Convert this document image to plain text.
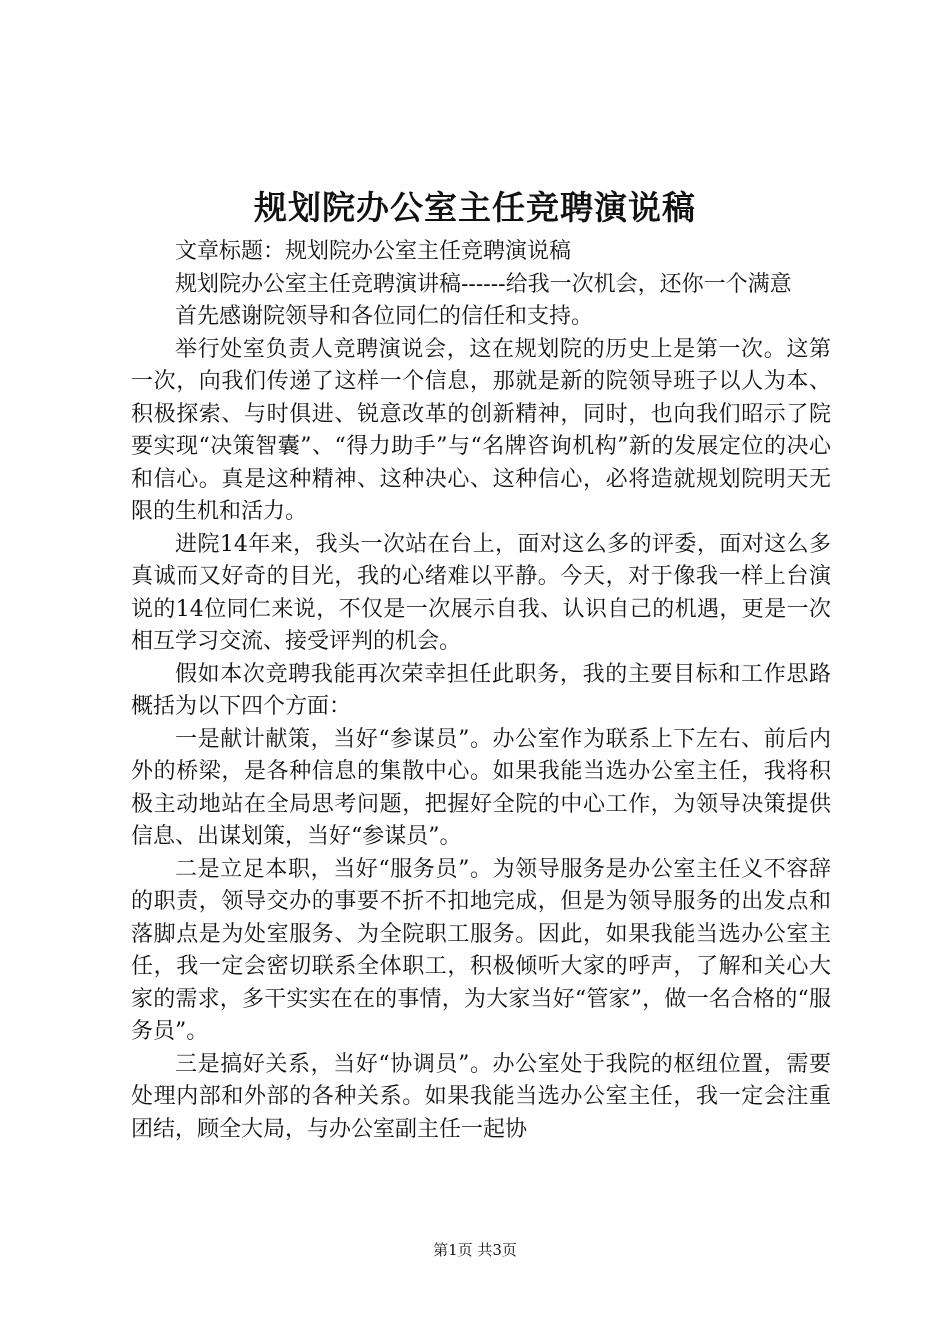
规划院办公室主任竞聘演说稿

文章标题：规划院办公室主任竞聘演说稿

规划院办公室主任竞聘演讲稿------给我一次机会，还你一个满意

首先感谢院领导和各位同仁的信任和支持。

举行处室负责人竞聘演说会，这在规划院的历史上是第一次。这第一次，向我们传递了这样一个信息，那就是新的院领导班子以人为本、积极探索、与时俱进、锐意改革的创新精神，同时，也向我们昭示了院要实现“决策智囊”、“得力助手”与“名牌咨询机构”新的发展定位的决心和信心。真是这种精神、这种决心、这种信心，必将造就规划院明天无限的生机和活力。

进院14年来，我头一次站在台上，面对这么多的评委，面对这么多真诚而又好奇的目光，我的心绪难以平静。今天，对于像我一样上台演说的14位同仁来说，不仅是一次展示自我、认识自己的机遇，更是一次相互学习交流、接受评判的机会。

假如本次竞聘我能再次荣幸担任此职务，我的主要目标和工作思路概括为以下四个方面：

一是献计献策，当好“参谋员”。办公室作为联系上下左右、前后内外的桥梁，是各种信息的集散中心。如果我能当选办公室主任，我将积极主动地站在全局思考问题，把握好全院的中心工作，为领导决策提供信息、出谋划策，当好“参谋员”。

二是立足本职，当好“服务员”。为领导服务是办公室主任义不容辞的职责，领导交办的事要不折不扣地完成，但是为领导服务的出发点和落脚点是为处室服务、为全院职工服务。因此，如果我能当选办公室主任，我一定会密切联系全体职工，积极倾听大家的呼声，了解和关心大家的需求，多干实实在在的事情，为大家当好“管家”，做一名合格的“服务员”。

三是搞好关系，当好“协调员”。办公室处于我院的枢纽位置，需要处理内部和外部的各种关系。如果我能当选办公室主任，我一定会注重团结，顾全大局，与办公室副主任一起协

第1页 共3页
